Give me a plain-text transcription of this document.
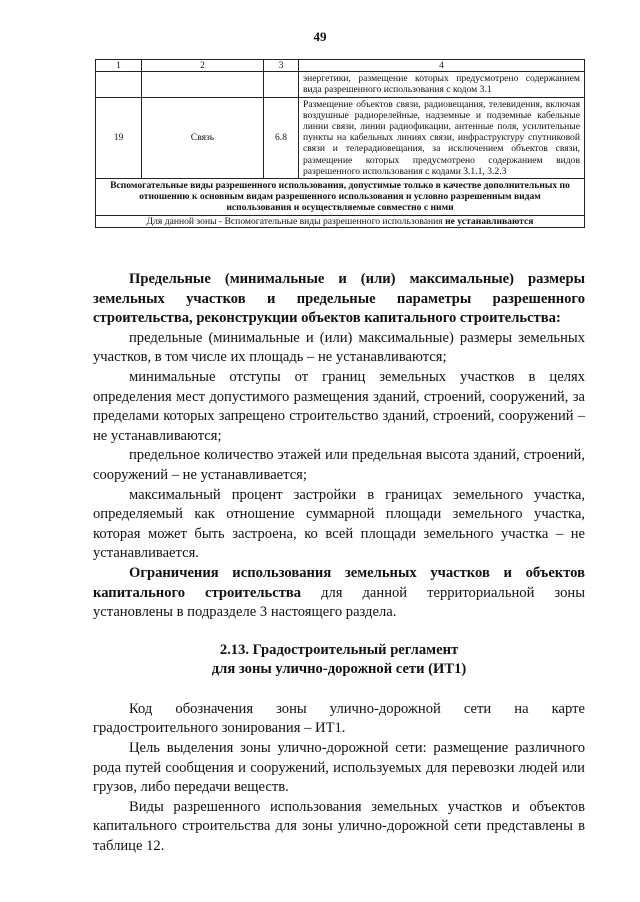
49
1	2	3	4

			энергетики, размещение которых предусмотрено содержанием
вида разрешенного использования с кодом 3.1

19	Связь	6.8	Размещение объектов связи, радиовещания, телевидения, включая воздушные радиорелейные, надземные и подземные кабельные линии связи, линии радиофикации, антенные поля, усилительные пункты на кабельных линиях связи, инфраструктуру спутниковой связи и телерадиовещания, за исключением объектов связи, размещение которых предусмотрено содержанием видов разрешенного использования с кодами 3.1.1, 3.2.3
Вспомогательные виды разрешенного использования, допустимые только в качестве дополнительных по отношению к основным видам разрешенного использования и условно разрешенным видам использования и осуществляемые совместно с ними			
Для данной зоны - Вспомогательные виды разрешенного использования не устанавливаются			

Предельные (минимальные и (или) максимальные) размеры земельных участков и предельные параметры разрешенного строительства, реконструкции объектов капитального строительства:

предельные (минимальные и (или) максимальные) размеры земельных участков, в том числе их площадь – не устанавливаются;

минимальные отступы от границ земельных участков в целях определения мест допустимого размещения зданий, строений, сооружений, за пределами которых запрещено строительство зданий, строений, сооружений – не устанавливаются;

предельное количество этажей или предельная высота зданий, строений, сооружений – не устанавливается;

максимальный процент застройки в границах земельного участка, определяемый как отношение суммарной площади земельного участка, которая может быть застроена, ко всей площади земельного участка – не устанавливается.

Ограничения использования земельных участков и объектов капитального строительства для данной территориальной зоны установлены в подразделе 3 настоящего раздела.

2.13. Градостроительный регламент
для зоны улично-дорожной сети (ИТ1)

Код обозначения зоны улично-дорожной сети на карте градостроительного зонирования – ИТ1.

Цель выделения зоны улично-дорожной сети: размещение различного рода путей сообщения и сооружений, используемых для перевозки людей или грузов, либо передачи веществ.

Виды разрешенного использования земельных участков и объектов капитального строительства для зоны улично-дорожной сети представлены в таблице 12.
